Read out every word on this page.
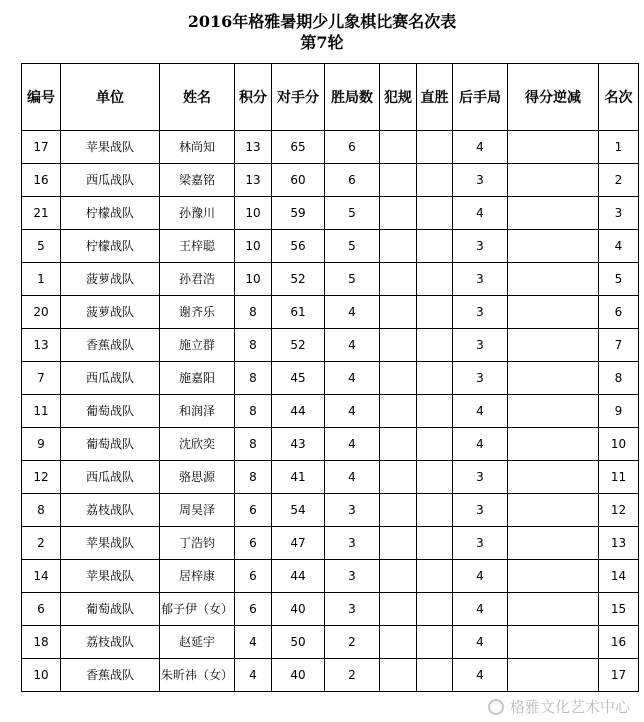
2016年格雅暑期少儿象棋比赛名次表
第7轮
编号	单位	姓名	积分	对手分	胜局数	犯规	直胜	后手局	得分逆减	名次
17	苹果战队	林尚知	13	65	6			4		1
16	西瓜战队	梁嘉铭	13	60	6			3		2
21	柠檬战队	孙豫川	10	59	5			4		3
5	柠檬战队	王梓聪	10	56	5			3		4
1	菠萝战队	孙君浩	10	52	5			3		5
20	菠萝战队	谢齐乐	8	61	4			3		6
13	香蕉战队	施立群	8	52	4			3		7
7	西瓜战队	施嘉阳	8	45	4			3		8
11	葡萄战队	和润泽	8	44	4			4		9
9	葡萄战队	沈欣奕	8	43	4			4		10
12	西瓜战队	骆思源	8	41	4			3		11
8	荔枝战队	周昊泽	6	54	3			3		12
2	苹果战队	丁浩钧	6	47	3			3		13
14	苹果战队	居梓康	6	44	3			4		14
6	葡萄战队	郁子伊（女）	6	40	3			4		15
18	荔枝战队	赵延宇	4	50	2			4		16
10	香蕉战队	朱昕祎（女）	4	40	2			4		17
格雅文化艺术中心
